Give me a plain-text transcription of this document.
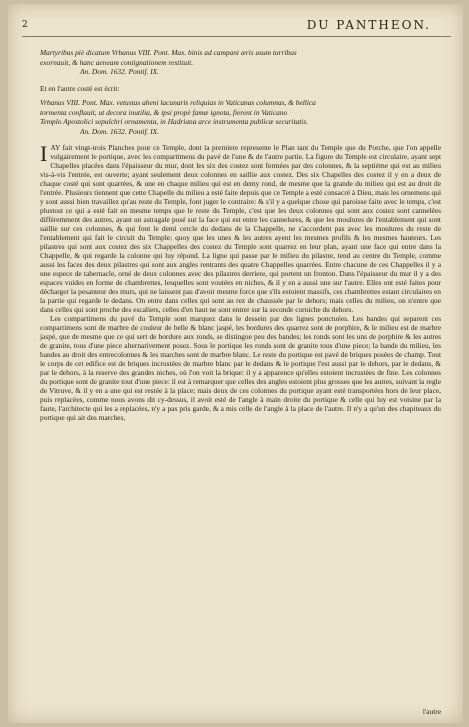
2	DU PANTHEON.

Martyribus piè dicatum Vrbanus VIII. Pont. Max. binis ad campani æris usum turribus

exornauit, & hanc aeneam contignationem restituit.

An. Dom. 1632. Pontif. IX.

Et en l'autre costé est écrit:

Vrbanus VIII. Pont. Max. vetustas aheni lacunaris reliquias in Vaticanas columnas, & bellica

tormenta conflauit, ut decora inutilia, & ipsi propè famæ ignota, fierent in Vaticano

Templo Apostolici sepulchri ornamenta, in Hadriana arce instrumenta publicæ securitatis.

An. Dom. 1632. Pontif. IX.

IAY fait vingt-trois Planches pour ce Temple, dont la premiere represente le Plan tant du Temple que du Porche, que l'on appelle vulgairement le portique, avec les compartimens du pavé de l'une & de l'autre partie. La figure du Temple est circulaire, ayant sept Chapelles placées dans l'épaisseur du mur, dont les six des costez sont fermées par des colonnes, & la septiéme qui est au milieu vis-à-vis l'entrée, est ouverte; ayant seulement deux colonnes en saillie aux costez. Des six Chapelles des costez il y en a deux de chaque costé qui sont quarrées, & une en chaque milieu qui est en demy rond, de mesme que la grande du milieu qui est au droit de l'entrée. Plusieurs tiennent que cette Chapelle du milieu a esté faite depuis que ce Temple a esté consacré à Dieu, mais les ornemens qui y sont aussi bien travaillez qu'au reste du Temple, font juger le contraire: & s'il y a quelque chose qui paroisse faite avec le temps, c'est plustost ce qui a esté fait en mesme temps que le reste du Temple, c'est que les deux colonnes qui sont aux costez sont cannelées différemment des autres, ayant un astragale posé sur la face qui est entre les cannelures, & que les moulures de l'entablement qui sont saillie sur ces colonnes, & qui font le demi cercle du dedans de la Chappelle, ne s'accordent pas avec les moulures du reste de l'entablement qui fait le circuit du Temple; quoy que les unes & les autres ayent les mesmes profils & les mesmes hauteurs. Les pilastres qui sont aux costez des six Chappelles des costez du Temple sont quarrez en leur plan, ayant une face qui entre dans la Chappelle, & qui regarde la colonne qui luy répond. La ligne qui passe par le milieu du pilastre, tend au centre du Temple, comme aussi les faces des deux pilastres qui sont aux angles rentrants des quatre Chappelles quarrées. Entre chacune de ces Chappelles il y a une espece de tabernacle, orné de deux colonnes avec des pilastres derriere, qui portent un fronton. Dans l'épaisseur du mur il y a des espaces vuides en forme de chambrettes, lesquelles sont voutées en niches, & il y en a aussi une sur l'autre. Elles ont esté faites pour décharger la pesanteur des murs, qui ne laissent pas d'avoir mesme force que s'ils estoient massifs, ces chambrettes estant circulaires en la partie qui regarde le dedans. On entre dans celles qui sont au rez de chaussée par le dehors; mais celles du milieu, on n'entre que dans celles qui sont proche des escaliers, celles d'en haut ne sont entrer sur la seconde corniche du dehors.

Les compartimens du pavé du Temple sont marquez dans le dessein par des lignes ponctuées. Les bandes qui separent ces compartimens sont de marbre de couleur de belle & blanc jaspé, les bordures des quarrez sont de porphire, & le milieu est de marbre jaspé, que de mesme que ce qui sert de bordure aux ronds, se distingue peu des bandes; les ronds sont les uns de porphire & les autres de granite, tous d'une piece alternativement posez. Sous le portique les ronds sont de granite tous d'une piece; la bande du milieu, les bandes au droit des entrecolonnes & les marches sont de marbre blanc. Le reste du portique est pavé de briques posées de champ. Tout le corps de cet edifice est de briques incrustées de marbre blanc par le dedans & le portique l'est aussi par le dehors, par le dedans, & par le dehors, à la reserve des grandes niches, où l'on voit la brique: il y a apparence qu'elles estoient incrustées de fine. Les colonnes du portique sont de granite tout d'une piece: il est à remarquer que celles des angles estoient plus grosses que les autres, suivant la regle de Vitruve, & il y en a une qui est restée à la place; mais deux de ces colonnes du portique ayant esté transportées hors de leur place, puis replacées, comme nous avons dit cy-dessus, il avoit esté de l'angle à main droite du portique & celle qui luy est voisine par la faute, l'architecte qui les a replacées, n'y a pas pris garde, & a mis celle de l'angle à la place de l'autre. Il n'y a qu'un des chapiteaux du portique qui ait des marches,

l'autre
